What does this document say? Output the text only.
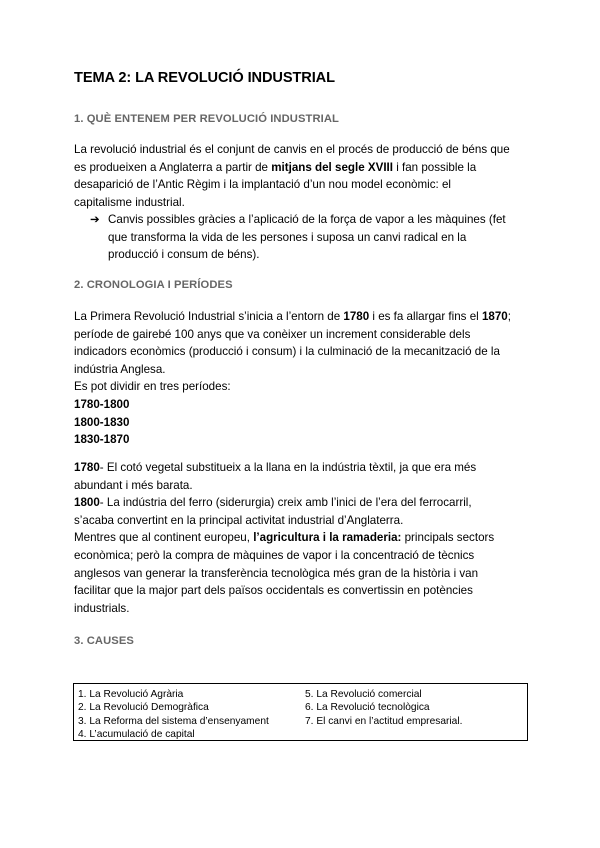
TEMA 2: LA REVOLUCIÓ INDUSTRIAL
1. QUÈ ENTENEM PER REVOLUCIÓ INDUSTRIAL
La revolució industrial és el conjunt de canvis en el procés de producció de béns que
es produeixen a Anglaterra a partir de mitjans del segle XVIII i fan possible la
desaparició de l’Antic Règim i la implantació d’un nou model econòmic: el
capitalisme industrial.
➔ Canvis possibles gràcies a l’aplicació de la força de vapor a les màquines (fet
que transforma la vida de les persones i suposa un canvi radical en la
producció i consum de béns).
2. CRONOLOGIA I PERÍODES
La Primera Revolució Industrial s’inicia a l’entorn de 1780 i es fa allargar fins el 1870;
període de gairebé 100 anys que va conèixer un increment considerable dels
indicadors econòmics (producció i consum) i la culminació de la mecanització de la
indústria Anglesa.
Es pot dividir en tres períodes:
1780-1800
1800-1830
1830-1870
1780- El cotó vegetal substitueix a la llana en la indústria tèxtil, ja que era més
abundant i més barata.
1800- La indústria del ferro (siderurgia) creix amb l’inici de l’era del ferrocarril,
s’acaba convertint en la principal activitat industrial d’Anglaterra.
Mentres que al continent europeu, l’agricultura i la ramaderia: principals sectors
econòmica; però la compra de màquines de vapor i la concentració de tècnics
anglesos van generar la transferència tecnològica més gran de la història i van
facilitar que la major part dels països occidentals es convertissin en potències
industrials.
3. CAUSES
1. La Revolució Agrària
2. La Revolució Demogràfica
3. La Reforma del sistema d’ensenyament
4. L’acumulació de capital
5. La Revolució comercial
6. La Revolució tecnològica
7. El canvi en l’actitud empresarial.
